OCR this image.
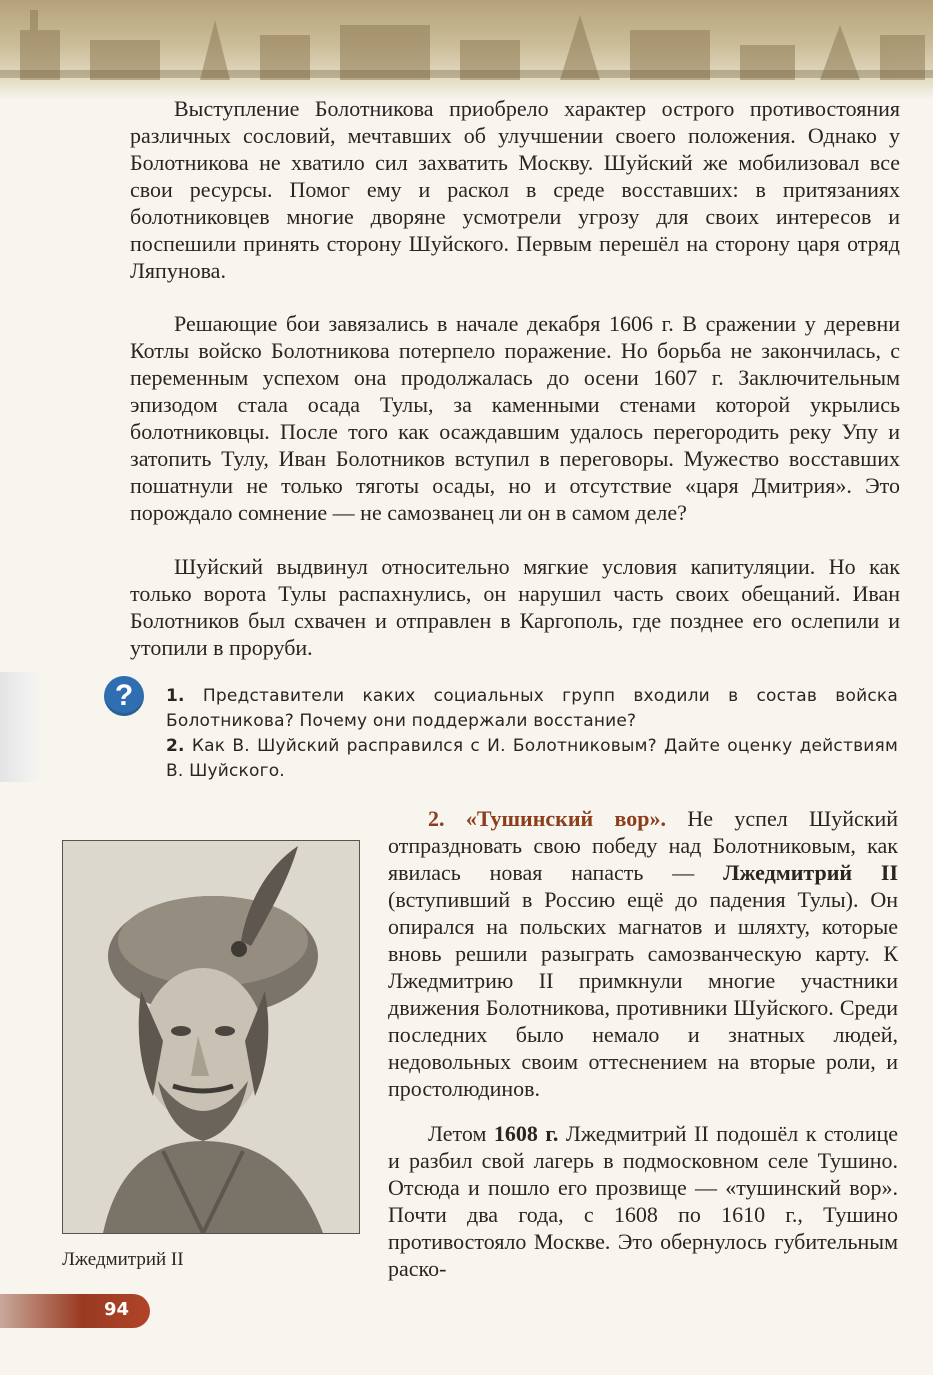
Выступление Болотникова приобрело характер острого противостояния различных сословий, мечтавших об улучшении своего положения. Однако у Болотникова не хватило сил захватить Москву. Шуйский же мобилизовал все свои ресурсы. Помог ему и раскол в среде восставших: в притязаниях болотниковцев многие дворяне усмотрели угрозу для своих интересов и поспешили принять сторону Шуйского. Первым перешёл на сторону царя отряд Ляпунова.

Решающие бои завязались в начале декабря 1606 г. В сражении у деревни Котлы войско Болотникова потерпело поражение. Но борьба не закончилась, с переменным успехом она продолжалась до осени 1607 г. Заключительным эпизодом стала осада Тулы, за каменными стенами которой укрылись болотниковцы. После того как осаждавшим удалось перегородить реку Упу и затопить Тулу, Иван Болотников вступил в переговоры. Мужество восставших пошатнули не только тяготы осады, но и отсутствие «царя Дмитрия». Это порождало сомнение — не самозванец ли он в самом деле?

Шуйский выдвинул относительно мягкие условия капитуляции. Но как только ворота Тулы распахнулись, он нарушил часть своих обещаний. Иван Болотников был схвачен и отправлен в Каргополь, где позднее его ослепили и утопили в проруби.

?	1. Представители каких социальных групп входили в состав войска Болотникова? Почему они поддержали восстание?

2. Как В. Шуйский расправился с И. Болотниковым? Дайте оценку действиям В. Шуйского.

Лжедмитрий II

2. «Тушинский вор». Не успел Шуйский отпраздновать свою победу над Болотниковым, как явилась новая напасть — Лжедмитрий II (вступивший в Россию ещё до падения Тулы). Он опирался на польских магнатов и шляхту, которые вновь решили разыграть самозванческую карту. К Лжедмитрию II примкнули многие участники движения Болотникова, противники Шуйского. Среди последних было немало и знатных людей, недовольных своим оттеснением на вторые роли, и простолюдинов.

Летом 1608 г. Лжедмитрий II подошёл к столице и разбил свой лагерь в подмосковном селе Тушино. Отсюда и пошло его прозвище — «тушинский вор». Почти два года, с 1608 по 1610 г., Тушино противостояло Москве. Это обернулось губительным раско-

94
